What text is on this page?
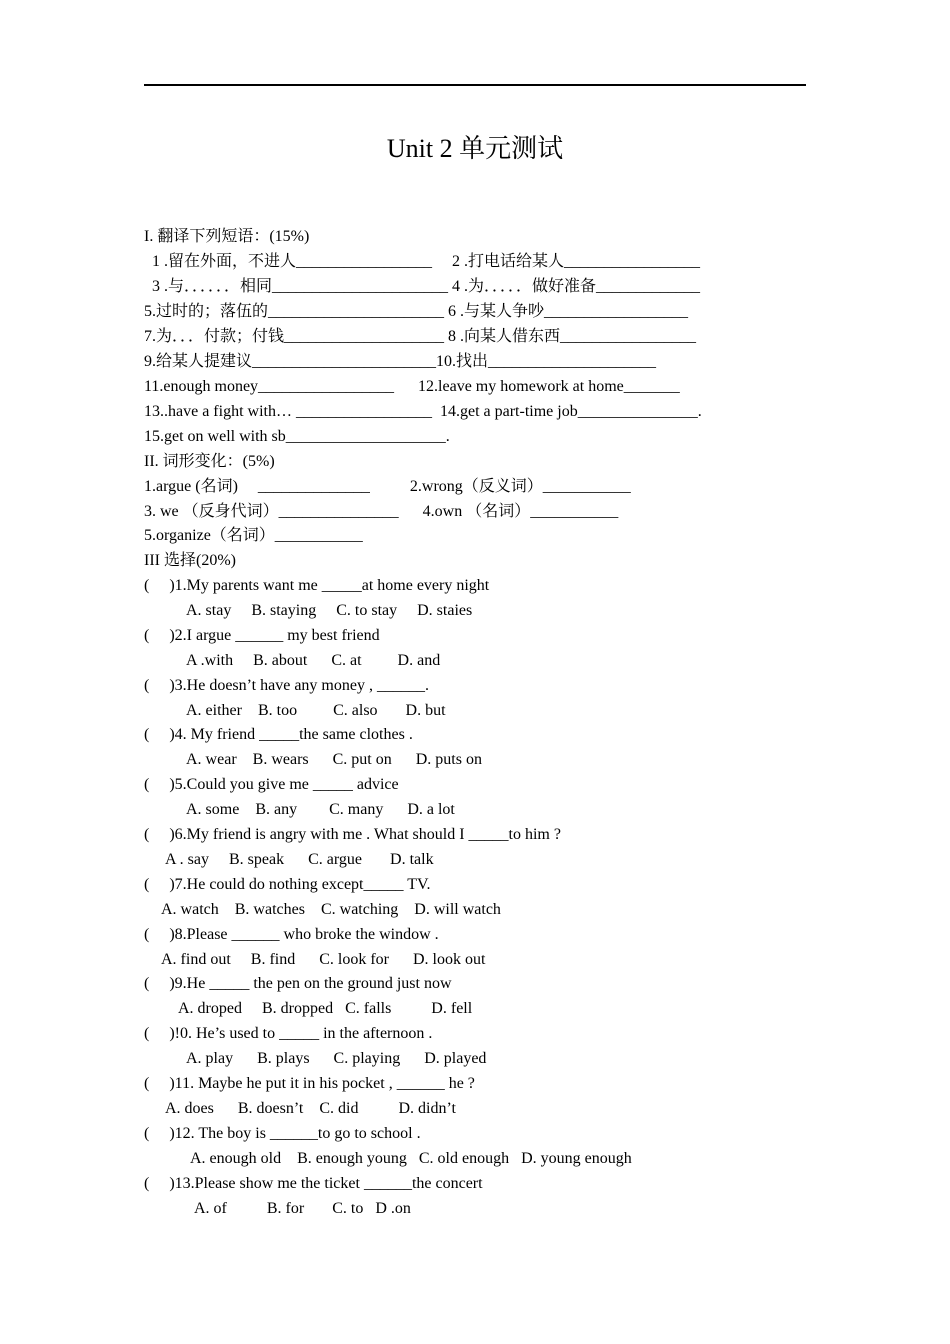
Unit 2 单元测试
I. 翻译下列短语：(15%)
1 .留在外面，不进人_________________     2 .打电话给某人_________________
3 .与．．．．．．相同______________________ 4 .为．．．．．做好准备_____________
5.过时的；落伍的______________________ 6 .与某人争吵__________________
7.为．．．付款；付钱____________________ 8 .向某人借东西_________________
9.给某人提建议_______________________10.找出_____________________
11.enough money_________________      12.leave my homework at home_______
13..have a fight with… _________________  14.get a part-time job_______________.
15.get on well with sb____________________.
II. 词形变化：(5%)
1.argue (名词)     ______________          2.wrong（反义词）___________
3. we （反身代词）_______________      4.own （名词）___________
5.organize（名词）___________
III 选择(20%)
(     )1.My parents want me _____at home every night
A. stay     B. staying     C. to stay     D. staies
(     )2.I argue ______ my best friend
A .with     B. about      C. at         D. and
(     )3.He doesn’t have any money , ______.
A. either    B. too         C. also       D. but
(     )4. My friend _____the same clothes .
A. wear    B. wears      C. put on      D. puts on
(     )5.Could you give me _____ advice
A. some    B. any        C. many      D. a lot
(     )6.My friend is angry with me . What should I _____to him ?
A . say     B. speak      C. argue       D. talk
(     )7.He could do nothing except_____ TV.
A. watch    B. watches    C. watching    D. will watch
(     )8.Please ______ who broke the window .
A. find out     B. find      C. look for      D. look out
(     )9.He _____ the pen on the ground just now
A. droped     B. dropped   C. falls          D. fell
(     )!0. He’s used to _____ in the afternoon .
A. play      B. plays      C. playing      D. played
(     )11. Maybe he put it in his pocket , ______ he ?
A. does      B. doesn’t    C. did          D. didn’t
(     )12. The boy is ______to go to school .
A. enough old    B. enough young   C. old enough   D. young enough
(     )13.Please show me the ticket ______the concert
A. of          B. for       C. to   D .on
